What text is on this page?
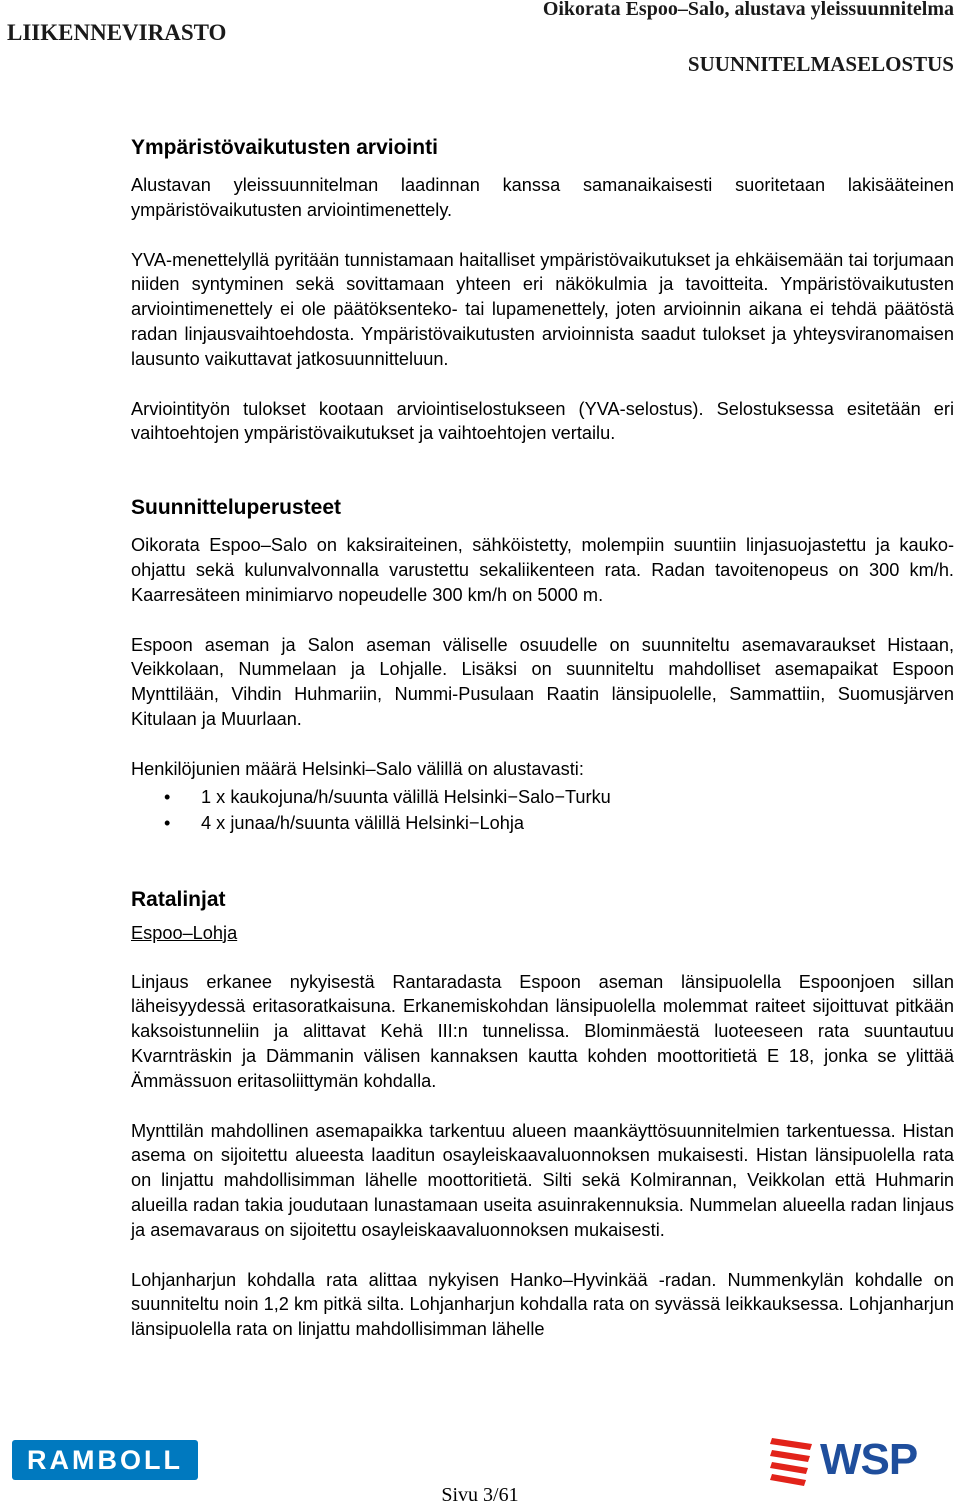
LIIKENNEVIRASTO
Oikorata Espoo–Salo, alustava yleissuunnitelma
SUUNNITELMASELOSTUS
Ympäristövaikutusten arviointi

Alustavan yleissuunnitelman laadinnan kanssa samanaikaisesti suoritetaan lakisääteinen ympäristövaikutusten arviointimenettely.

YVA-menettelyllä pyritään tunnistamaan haitalliset ympäristövaikutukset ja ehkäisemään tai torjumaan niiden syntyminen sekä sovittamaan yhteen eri näkökulmia ja tavoitteita. Ympäristövaikutusten arviointimenettely ei ole päätöksenteko- tai lupamenettely, joten arvioinnin aikana ei tehdä päätöstä radan linjausvaihtoehdosta. Ympäristövaikutusten arvioinnista saadut tulokset ja yhteysviranomaisen lausunto vaikuttavat jatkosuunnitteluun.

Arviointityön tulokset kootaan arviointiselostukseen (YVA-selostus). Selostuksessa esitetään eri vaihtoehtojen ympäristövaikutukset ja vaihtoehtojen vertailu.

Suunnitteluperusteet

Oikorata Espoo–Salo on kaksiraiteinen, sähköistetty, molempiin suuntiin linjasuojastettu ja kauko-ohjattu sekä kulunvalvonnalla varustettu sekaliikenteen rata. Radan tavoitenopeus on 300 km/h. Kaarresäteen minimiarvo nopeudelle 300 km/h on 5000 m.

Espoon aseman ja Salon aseman väliselle osuudelle on suunniteltu asemavaraukset Histaan, Veikkolaan, Nummelaan ja Lohjalle. Lisäksi on suunniteltu mahdolliset asemapaikat Espoon Mynttilään, Vihdin Huhmariin, Nummi-Pusulaan Raatin länsipuolelle, Sammattiin, Suomusjärven Kitulaan ja Muurlaan.

Henkilöjunien määrä Helsinki–Salo välillä on alustavasti:

• 1 x kaukojuna/h/suunta välillä Helsinki−Salo−Turku
• 4 x junaa/h/suunta välillä Helsinki−Lohja
Ratalinjat
Espoo–Lohja

Linjaus erkanee nykyisestä Rantaradasta Espoon aseman länsipuolella Espoonjoen sillan läheisyydessä eritasoratkaisuna. Erkanemiskohdan länsipuolella molemmat raiteet sijoittuvat pitkään kaksoistunneliin ja alittavat Kehä III:n tunnelissa. Blominmäestä luoteeseen rata suuntautuu Kvarnträskin ja Dämmanin välisen kannaksen kautta kohden moottoritietä E 18, jonka se ylittää Ämmässuon eritasoliittymän kohdalla.

Mynttilän mahdollinen asemapaikka tarkentuu alueen maankäyttösuunnitelmien tarkentuessa. Histan asema on sijoitettu alueesta laaditun osayleiskaavaluonnoksen mukaisesti. Histan länsipuolella rata on linjattu mahdollisimman lähelle moottoritietä. Silti sekä Kolmirannan, Veikkolan että Huhmarin alueilla radan takia joudutaan lunastamaan useita asuinrakennuksia. Nummelan alueella radan linjaus ja asemavaraus on sijoitettu osayleiskaavaluonnoksen mukaisesti.

Lohjanharjun kohdalla rata alittaa nykyisen Hanko–Hyvinkää -radan. Nummenkylän kohdalle on suunniteltu noin 1,2 km pitkä silta. Lohjanharjun kohdalla rata on syvässä leikkauksessa. Lohjanharjun länsipuolella rata on linjattu mahdollisimman lähelle

RAMBOLL	WSP
Sivu 3/61
